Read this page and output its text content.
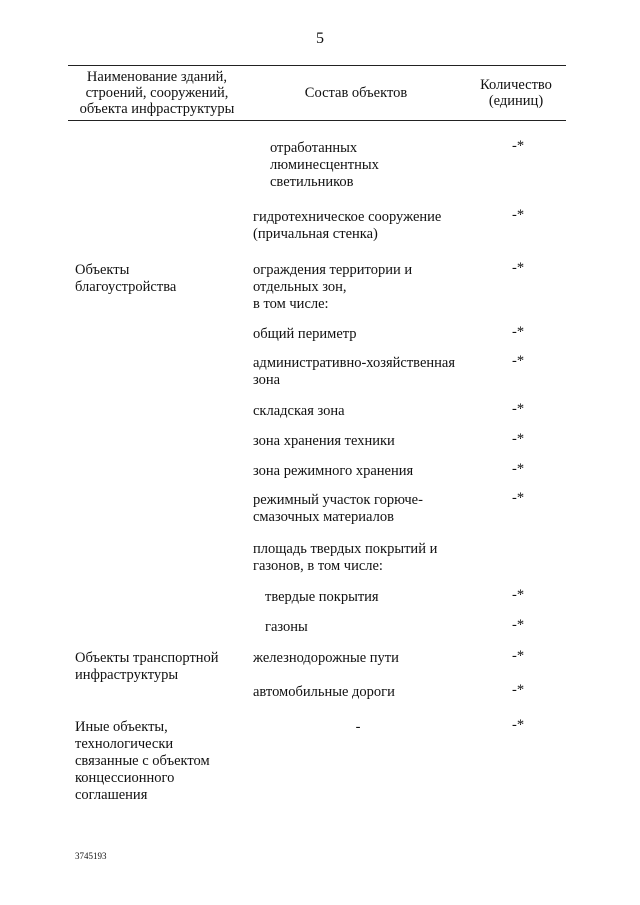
5
Наименование зданий,
строений, сооружений,
объекта инфраструктуры
Состав объектов	Количество
(единиц)
Объекты
благоустройства
Объекты транспортной
инфраструктуры
Иные объекты,
технологически
связанные с объектом
концессионного
соглашения
отработанных
люминесцентных
светильников
гидротехническое сооружение
(причальная стенка)
ограждения территории и
отдельных зон,
в том числе:
общий периметр
административно-хозяйственная
зона
складская зона
зона хранения техники
зона режимного хранения
режимный участок горюче-
смазочных материалов
площадь твердых покрытий и
газонов, в том числе:
твердые покрытия
газоны
железнодорожные пути
автомобильные дороги
-
-*
-*
-*
-*
-*
-*
-*
-*
-*
-*
-*
-*
-*
-*
3745193
